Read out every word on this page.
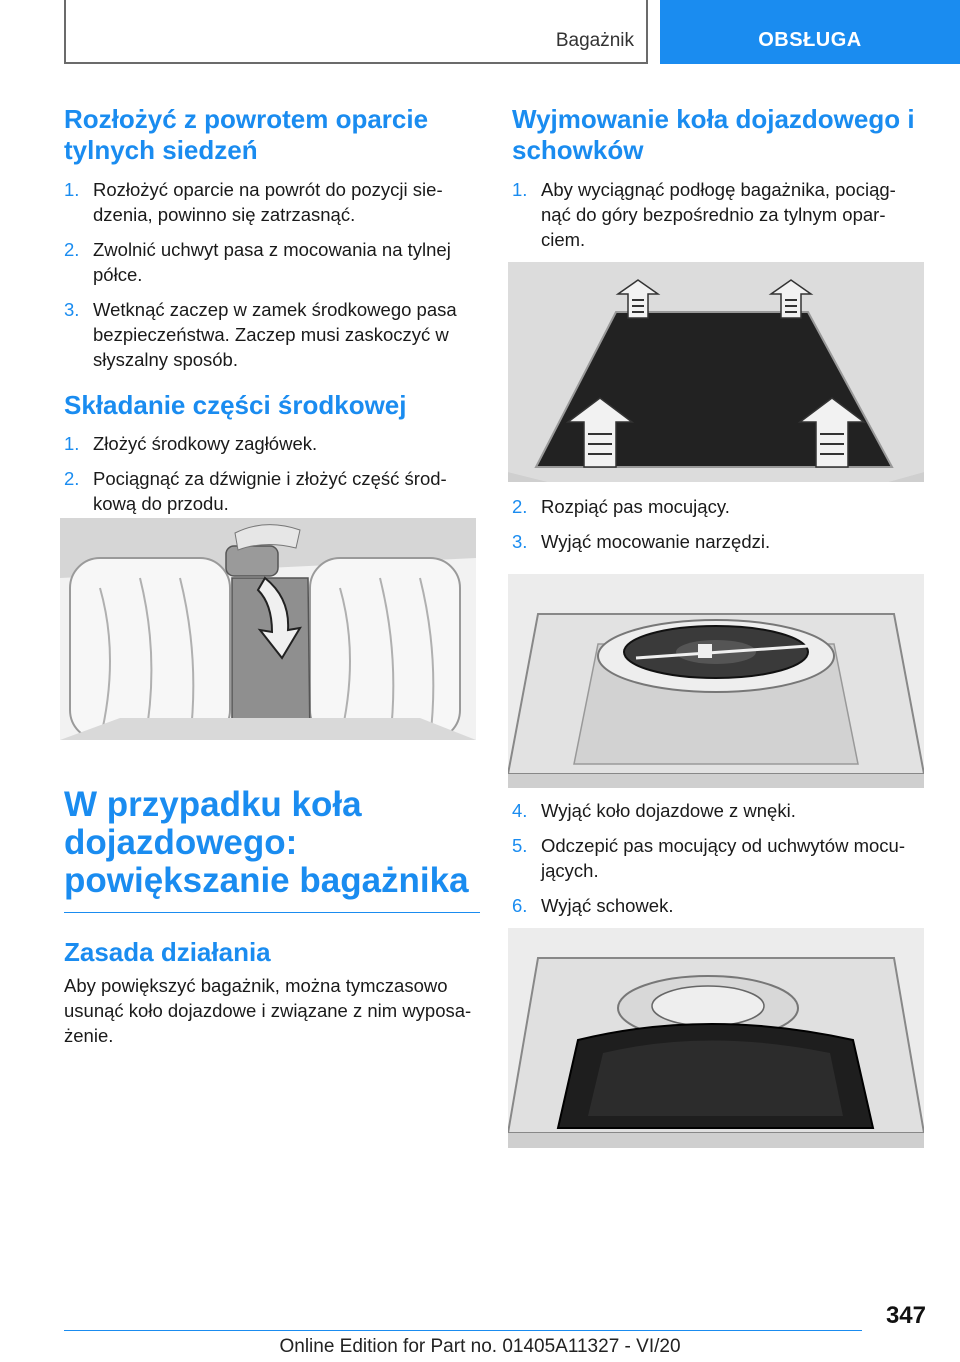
Bagażnik	OBSŁUGA
Rozłożyć z powrotem oparcie tylnych siedzeń
1. Rozłożyć oparcie na powrót do pozycji sie-dzenia, powinno się zatrzasnąć.
2. Zwolnić uchwyt pasa z mocowania na tylnej półce.
3. Wetknąć zaczep w zamek środkowego pasa bezpieczeństwa. Zaczep musi zaskoczyć w słyszalny sposób.
Składanie części środkowej
1. Złożyć środkowy zagłówek.
2. Pociągnąć za dźwignie i złożyć część środ-kową do przodu.
W przypadku koła dojazdowego: powiększanie bagażnika
Zasada działania

Aby powiększyć bagażnik, można tymczasowo usunąć koło dojazdowe i związane z nim wyposa-żenie.

Wyjmowanie koła dojazdowego i schowków
1. Aby wyciągnąć podłogę bagażnika, pociąg-nąć do góry bezpośrednio za tylnym opar-ciem.
2. Rozpiąć pas mocujący.
3. Wyjąć mocowanie narzędzi.
4. Wyjąć koło dojazdowe z wnęki.
5. Odczepić pas mocujący od uchwytów mocu-jących.
6. Wyjąć schowek.
347
Online Edition for Part no. 01405A11327 - VI/20
